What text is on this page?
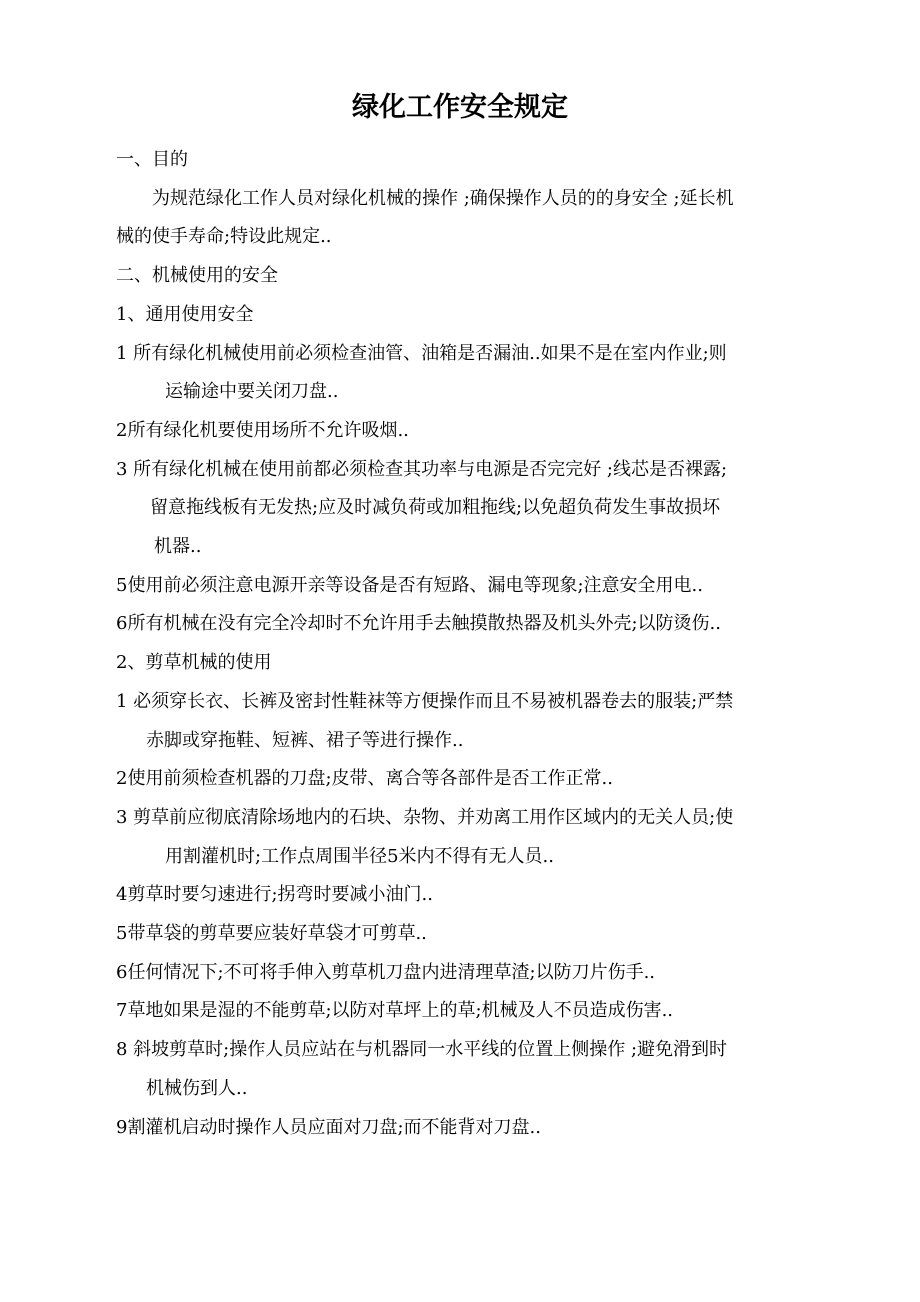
绿化工作安全规定

一、目的

为规范绿化工作人员对绿化机械的操作 ;确保操作人员的的身安全 ;延长机

械的使手寿命;特设此规定..

二、机械使用的安全

1、通用使用安全

1 所有绿化机械使用前必须检查油管、油箱是否漏油..如果不是在室内作业;则

运输途中要关闭刀盘..

2所有绿化机要使用场所不允许吸烟..

3 所有绿化机械在使用前都必须检查其功率与电源是否完完好 ;线芯是否裸露;

留意拖线板有无发热;应及时减负荷或加粗拖线;以免超负荷发生事故损坏

机器..

5使用前必须注意电源开亲等设备是否有短路、漏电等现象;注意安全用电..

6所有机械在没有完全冷却时不允许用手去触摸散热器及机头外壳;以防烫伤..

2、剪草机械的使用

1 必须穿长衣、长裤及密封性鞋袜等方便操作而且不易被机器卷去的服装;严禁

赤脚或穿拖鞋、短裤、裙子等进行操作..

2使用前须检查机器的刀盘;皮带、离合等各部件是否工作正常..

3 剪草前应彻底清除场地内的石块、杂物、并劝离工用作区域内的无关人员;使

用割灌机时;工作点周围半径5米内不得有无人员..

4剪草时要匀速进行;拐弯时要减小油门..

5带草袋的剪草要应装好草袋才可剪草..

6任何情况下;不可将手伸入剪草机刀盘内进清理草渣;以防刀片伤手..

7草地如果是湿的不能剪草;以防对草坪上的草;机械及人不员造成伤害..

8 斜坡剪草时;操作人员应站在与机器同一水平线的位置上侧操作 ;避免滑到时

机械伤到人..

9割灌机启动时操作人员应面对刀盘;而不能背对刀盘..
